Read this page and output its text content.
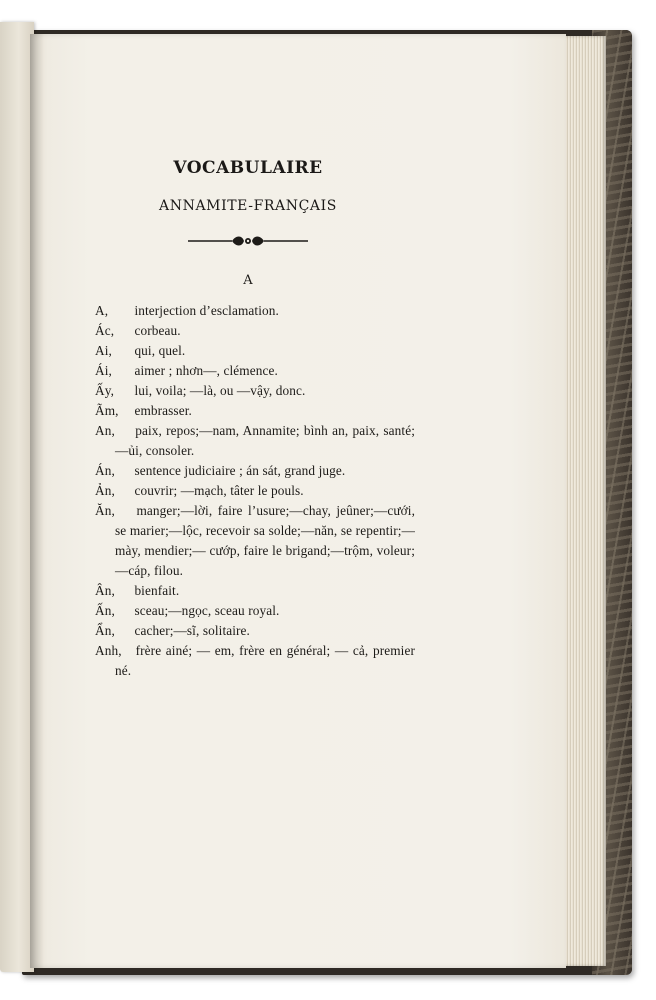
VOCABULAIRE
ANNAMITE-FRANÇAIS
A

A, interjection d’esclamation.

Ác, corbeau.

Ai, qui, quel.

Ái, aimer ; nhơn—, clémence.

Ấy, lui, voila; —là, ou —vậy, donc.

Ãm, embrasser.

An, paix, repos;—nam, Annamite; bình an, paix, santé;—ủi, consoler.

Án, sentence judiciaire ; án sát, grand juge.

Ản, couvrir; —mạch, tâter le pouls.

Ăn, manger;—lời, faire l’usure;—chay, jeûner;—cưới, se marier;—lộc, recevoir sa solde;—năn, se repentir;— mày, mendier;— cướp, faire le brigand;—trộm, voleur;—cáp, filou.

Ân, bienfait.

Ấn, sceau;—ngọc, sceau royal.

Ẩn, cacher;—sĩ, solitaire.

Anh, frère ainé; — em, frère en général; — cả, premier né.
